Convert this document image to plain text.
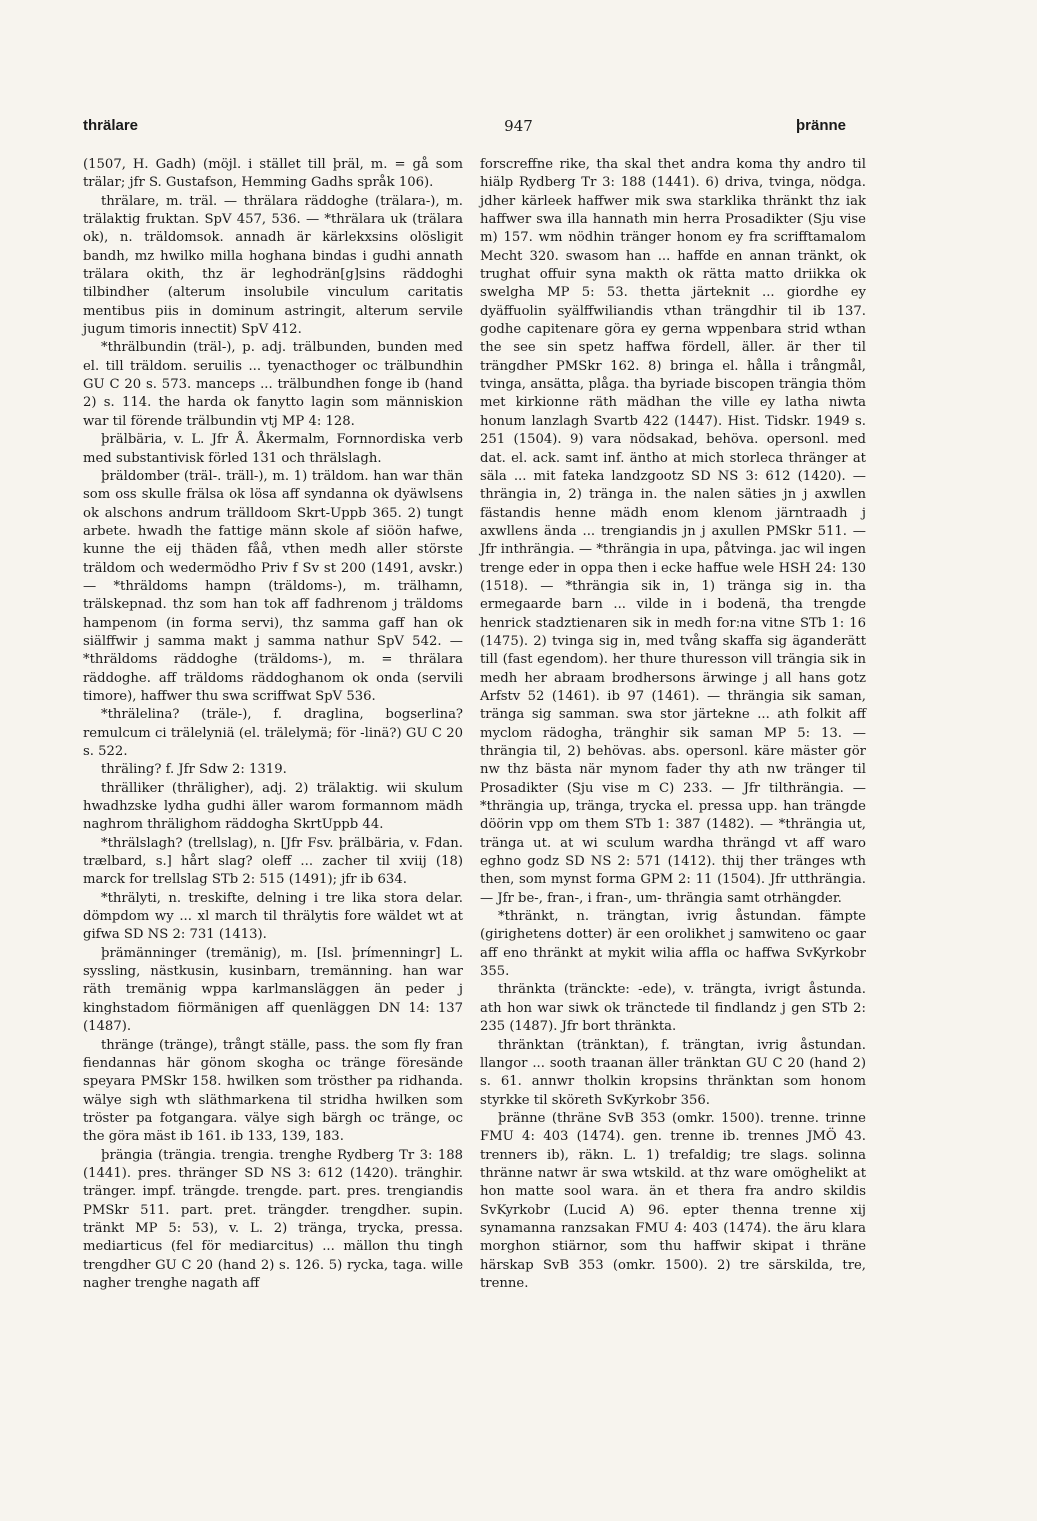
thrälare	947	þränne

(1507, H. Gadh) (möjl. i stället till þräl, m. = gå som trälar; jfr S. Gustafson, Hemming Gadhs språk 106).

thrälare, m. träl. — thrälara räddoghe (trälara-), m. trälaktig fruktan. SpV 457, 536. — *thrälara uk (trälara ok), n. träldomsok. annadh är kärlekxsins olösligit bandh, mz hwilko milla hoghana bindas i gudhi annath trälara okith, thz är leghodrän[g]sins räddoghi tilbindher (alterum insolubile vinculum caritatis mentibus piis in dominum astringit, alterum servile jugum timoris innectit) SpV 412.

*thrälbundin (träl-), p. adj. trälbunden, bunden med el. till träldom. seruilis ... tyenacthoger oc trälbundhin GU C 20 s. 573. manceps ... trälbundhen fonge ib (hand 2) s. 114. the harda ok fanytto lagin som människion war til förende trälbundin vtj MP 4: 128.

þrälbäria, v. L. Jfr Å. Åkermalm, Fornnordiska verb med substantivisk förled 131 och thrälslagh.

þräldomber (träl-. träll-), m. 1) träldom. han war thän som oss skulle frälsa ok lösa aff syndanna ok dyäwlsens ok alschons andrum trälldoom Skrt-Uppb 365. 2) tungt arbete. hwadh the fattige männ skole af siöön hafwe, kunne the eij thäden fåå, vthen medh aller störste träldom och wedermödho Priv f Sv st 200 (1491, avskr.) — *thräldoms hampn (träldoms-), m. trälhamn, trälskepnad. thz som han tok aff fadhrenom j träldoms hampenom (in forma servi), thz samma gaff han ok siälffwir j samma makt j samma nathur SpV 542. — *thräldoms räddoghe (träldoms-), m. = thrälara räddoghe. aff träldoms räddoghanom ok onda (servili timore), haffwer thu swa scriffwat SpV 536.

*thrälelina? (träle-), f. draglina, bogserlina? remulcum ci trälelyniä (el. trälelymä; för -linä?) GU C 20 s. 522.

thräling? f. Jfr Sdw 2: 1319.

thrälliker (thräligher), adj. 2) trälaktig. wii skulum hwadhzske lydha gudhi äller warom formannom mädh naghrom thrälighom räddogha SkrtUppb 44.

*thrälslagh? (trellslag), n. [Jfr Fsv. þrälbäria, v. Fdan. trælbard, s.] hårt slag? oleff ... zacher til xviij (18) marck for trellslag STb 2: 515 (1491); jfr ib 634.

*thrälyti, n. treskifte, delning i tre lika stora delar. dömpdom wy ... xl march til thrälytis fore wäldet wt at gifwa SD NS 2: 731 (1413).

þrämänninger (tremänig), m. [Isl. þrímenningr] L. syssling, nästkusin, kusinbarn, tremänning. han war räth tremänig wppa karlmansläggen än peder j kinghstadom fiörmänigen aff quenläggen DN 14: 137 (1487).

thränge (tränge), trångt ställe, pass. the som fly fran fiendannas här gönom skogha oc tränge föresände speyara PMSkr 158. hwilken som trösther pa ridhanda. wälye sigh wth släthmarkena til stridha hwilken som tröster pa fotgangara. välye sigh bärgh oc tränge, oc the göra mäst ib 161. ib 133, 139, 183.

þrängia (trängia. trengia. trenghe Rydberg Tr 3: 188 (1441). pres. thränger SD NS 3: 612 (1420). tränghir. tränger. impf. trängde. trengde. part. pres. trengiandis PMSkr 511. part. pret. trängder. trengdher. supin. tränkt MP 5: 53), v. L. 2) tränga, trycka, pressa. mediarticus (fel för mediarcitus) ... mällon thu tingh trengdher GU C 20 (hand 2) s. 126. 5) rycka, taga. wille nagher trenghe nagath aff

forscreffne rike, tha skal thet andra koma thy andro til hiälp Rydberg Tr 3: 188 (1441). 6) driva, tvinga, nödga. jdher kärleek haffwer mik swa starklika thränkt thz iak haffwer swa illa hannath min herra Prosadikter (Sju vise m) 157. wm nödhin tränger honom ey fra scrifftamalom Mecht 320. swasom han ... haffde en annan tränkt, ok trughat offuir syna makth ok rätta matto driikka ok swelgha MP 5: 53. thetta järteknit ... giordhe ey dyäffuolin syälffwiliandis vthan trängdhir til ib 137. godhe capitenare göra ey gerna wppenbara strid wthan the see sin spetz haffwa fördell, äller. är ther til trängdher PMSkr 162. 8) bringa el. hålla i trångmål, tvinga, ansätta, plåga. tha byriade biscopen trängia thöm met kirkionne räth mädhan the ville ey latha niwta honum lanzlagh Svartb 422 (1447). Hist. Tidskr. 1949 s. 251 (1504). 9) vara nödsakad, behöva. opersonl. med dat. el. ack. samt inf. äntho at mich storleca thränger at säla ... mit fateka landzgootz SD NS 3: 612 (1420). — thrängia in, 2) tränga in. the nalen säties jn j axwllen fästandis henne mädh enom klenom järntraadh j axwllens ända ... trengiandis jn j axullen PMSkr 511. — Jfr inthrängia. — *thrängia in upa, påtvinga. jac wil ingen trenge eder in oppa then i ecke haffue wele HSH 24: 130 (1518). — *thrängia sik in, 1) tränga sig in. tha ermegaarde barn ... vilde in i bodenä, tha trengde henrick stadztienaren sik in medh for:na vitne STb 1: 16 (1475). 2) tvinga sig in, med tvång skaffa sig äganderätt till (fast egendom). her thure thuresson vill trängia sik in medh her abraam brodhersons ärwinge j all hans gotz Arfstv 52 (1461). ib 97 (1461). — thrängia sik saman, tränga sig samman. swa stor järtekne ... ath folkit aff myclom rädogha, tränghir sik saman MP 5: 13. — thrängia til, 2) behövas. abs. opersonl. käre mäster gör nw thz bästa när mynom fader thy ath nw tränger til Prosadikter (Sju vise m C) 233. — Jfr tilthrängia. — *thrängia up, tränga, trycka el. pressa upp. han trängde döörin vpp om them STb 1: 387 (1482). — *thrängia ut, tränga ut. at wi sculum wardha thrängd vt aff waro eghno godz SD NS 2: 571 (1412). thij ther tränges wth then, som mynst forma GPM 2: 11 (1504). Jfr utthrängia. — Jfr be-, fran-, i fran-, um- thrängia samt otrhängder.

*thränkt, n. trängtan, ivrig åstundan. fämpte (girighetens dotter) är een orolikhet j samwiteno oc gaar aff eno thränkt at mykit wilia affla oc haffwa SvKyrkobr 355.

thränkta (tränckte: -ede), v. trängta, ivrigt åstunda. ath hon war siwk ok tränctede til findlandz j gen STb 2: 235 (1487). Jfr bort thränkta.

thränktan (tränktan), f. trängtan, ivrig åstundan. llangor ... sooth traanan äller tränktan GU C 20 (hand 2) s. 61. annwr tholkin kropsins thränktan som honom styrkke til sköreth SvKyrkobr 356.

þränne (thräne SvB 353 (omkr. 1500). trenne. trinne FMU 4: 403 (1474). gen. trenne ib. trennes JMÖ 43. trenners ib), räkn. L. 1) trefaldig; tre slags. solinna thränne natwr är swa wtskild. at thz ware omöghelikt at hon matte sool wara. än et thera fra andro skildis SvKyrkobr (Lucid A) 96. epter thenna trenne xij synamanna ranzsakan FMU 4: 403 (1474). the äru klara morghon stiärnor, som thu haffwir skipat i thräne härskap SvB 353 (omkr. 1500). 2) tre särskilda, tre, trenne.
